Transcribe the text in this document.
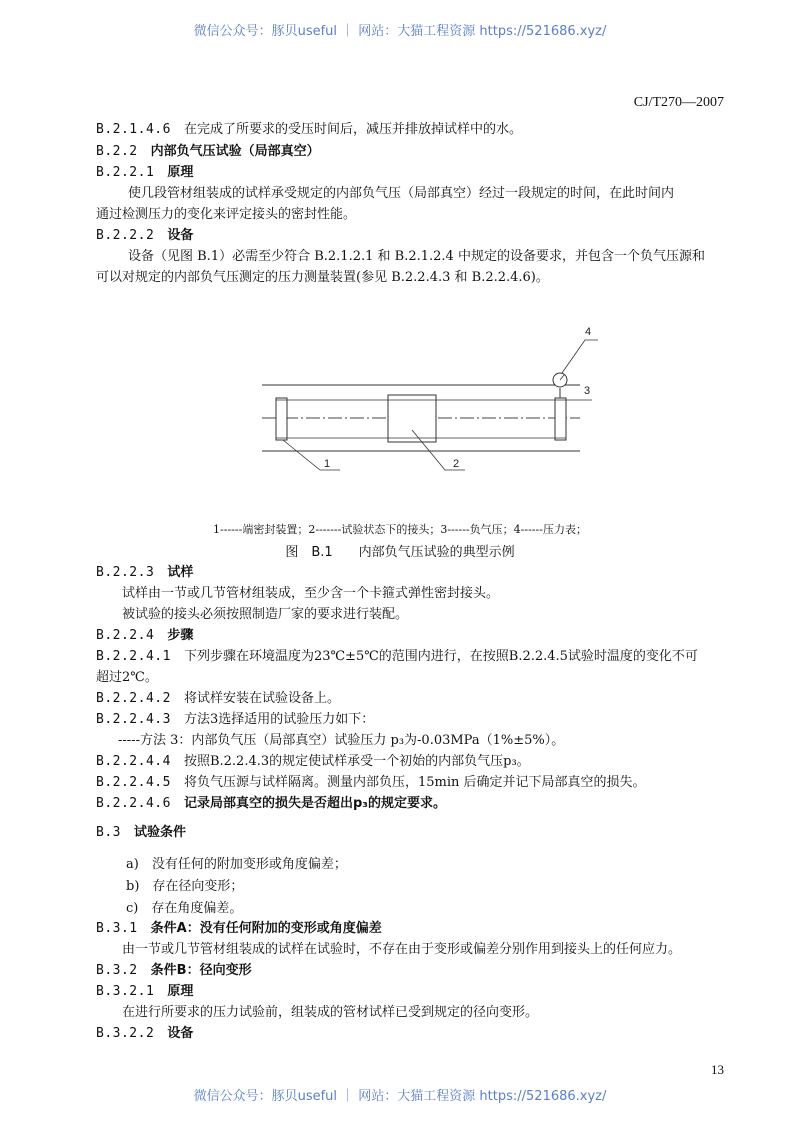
微信公众号：豚贝useful ｜ 网站：大猫工程资源 https://521686.xyz/
CJ/T270—2007
B.2.1.4.6　 在完成了所要求的受压时间后，减压并排放掉试样中的水。
B.2.2　 内部负气压试验（局部真空）
B.2.2.1　 原理
使几段管材组装成的试样承受规定的内部负气压（局部真空）经过一段规定的时间，在此时间内
通过检测压力的变化来评定接头的密封性能。
B.2.2.2　 设备
设备（见图 B.1）必需至少符合 B.2.1.2.1 和 B.2.1.2.4 中规定的设备要求，并包含一个负气压源和
可以对规定的内部负气压测定的压力测量装置(参见 B.2.2.4.3 和 B.2.2.4.6)。
1	2
3
4
1------端密封装置；2-------试验状态下的接头；3------负气压；4------压力表；
图　B.1　　内部负气压试验的典型示例
B.2.2.3　 试样
试样由一节或几节管材组装成，至少含一个卡箍式弹性密封接头。
被试验的接头必须按照制造厂家的要求进行装配。
B.2.2.4　 步骤
B.2.2.4.1　 下列步骤在环境温度为23℃±5℃的范围内进行，在按照B.2.2.4.5试验时温度的变化不可
超过2℃。
B.2.2.4.2　 将试样安装在试验设备上。
B.2.2.4.3　 方法3选择适用的试验压力如下：
-----方法 3：内部负气压（局部真空）试验压力 p₃为-0.03MPa（1%±5%）。
B.2.2.4.4　 按照B.2.2.4.3的规定使试样承受一个初始的内部负气压p₃。
B.2.2.4.5　 将负气压源与试样隔离。测量内部负压，15min 后确定并记下局部真空的损失。
B.2.2.4.6　 记录局部真空的损失是否超出p₃的规定要求。
B.3　 试验条件
a)　没有任何的附加变形或角度偏差；
b)　存在径向变形；
c)　存在角度偏差。
B.3.1　 条件A：没有任何附加的变形或角度偏差
由一节或几节管材组装成的试样在试验时，不存在由于变形或偏差分别作用到接头上的任何应力。
B.3.2　 条件B：径向变形
B.3.2.1　 原理
在进行所要求的压力试验前，组装成的管材试样已受到规定的径向变形。
B.3.2.2　 设备
13
微信公众号：豚贝useful ｜ 网站：大猫工程资源 https://521686.xyz/
